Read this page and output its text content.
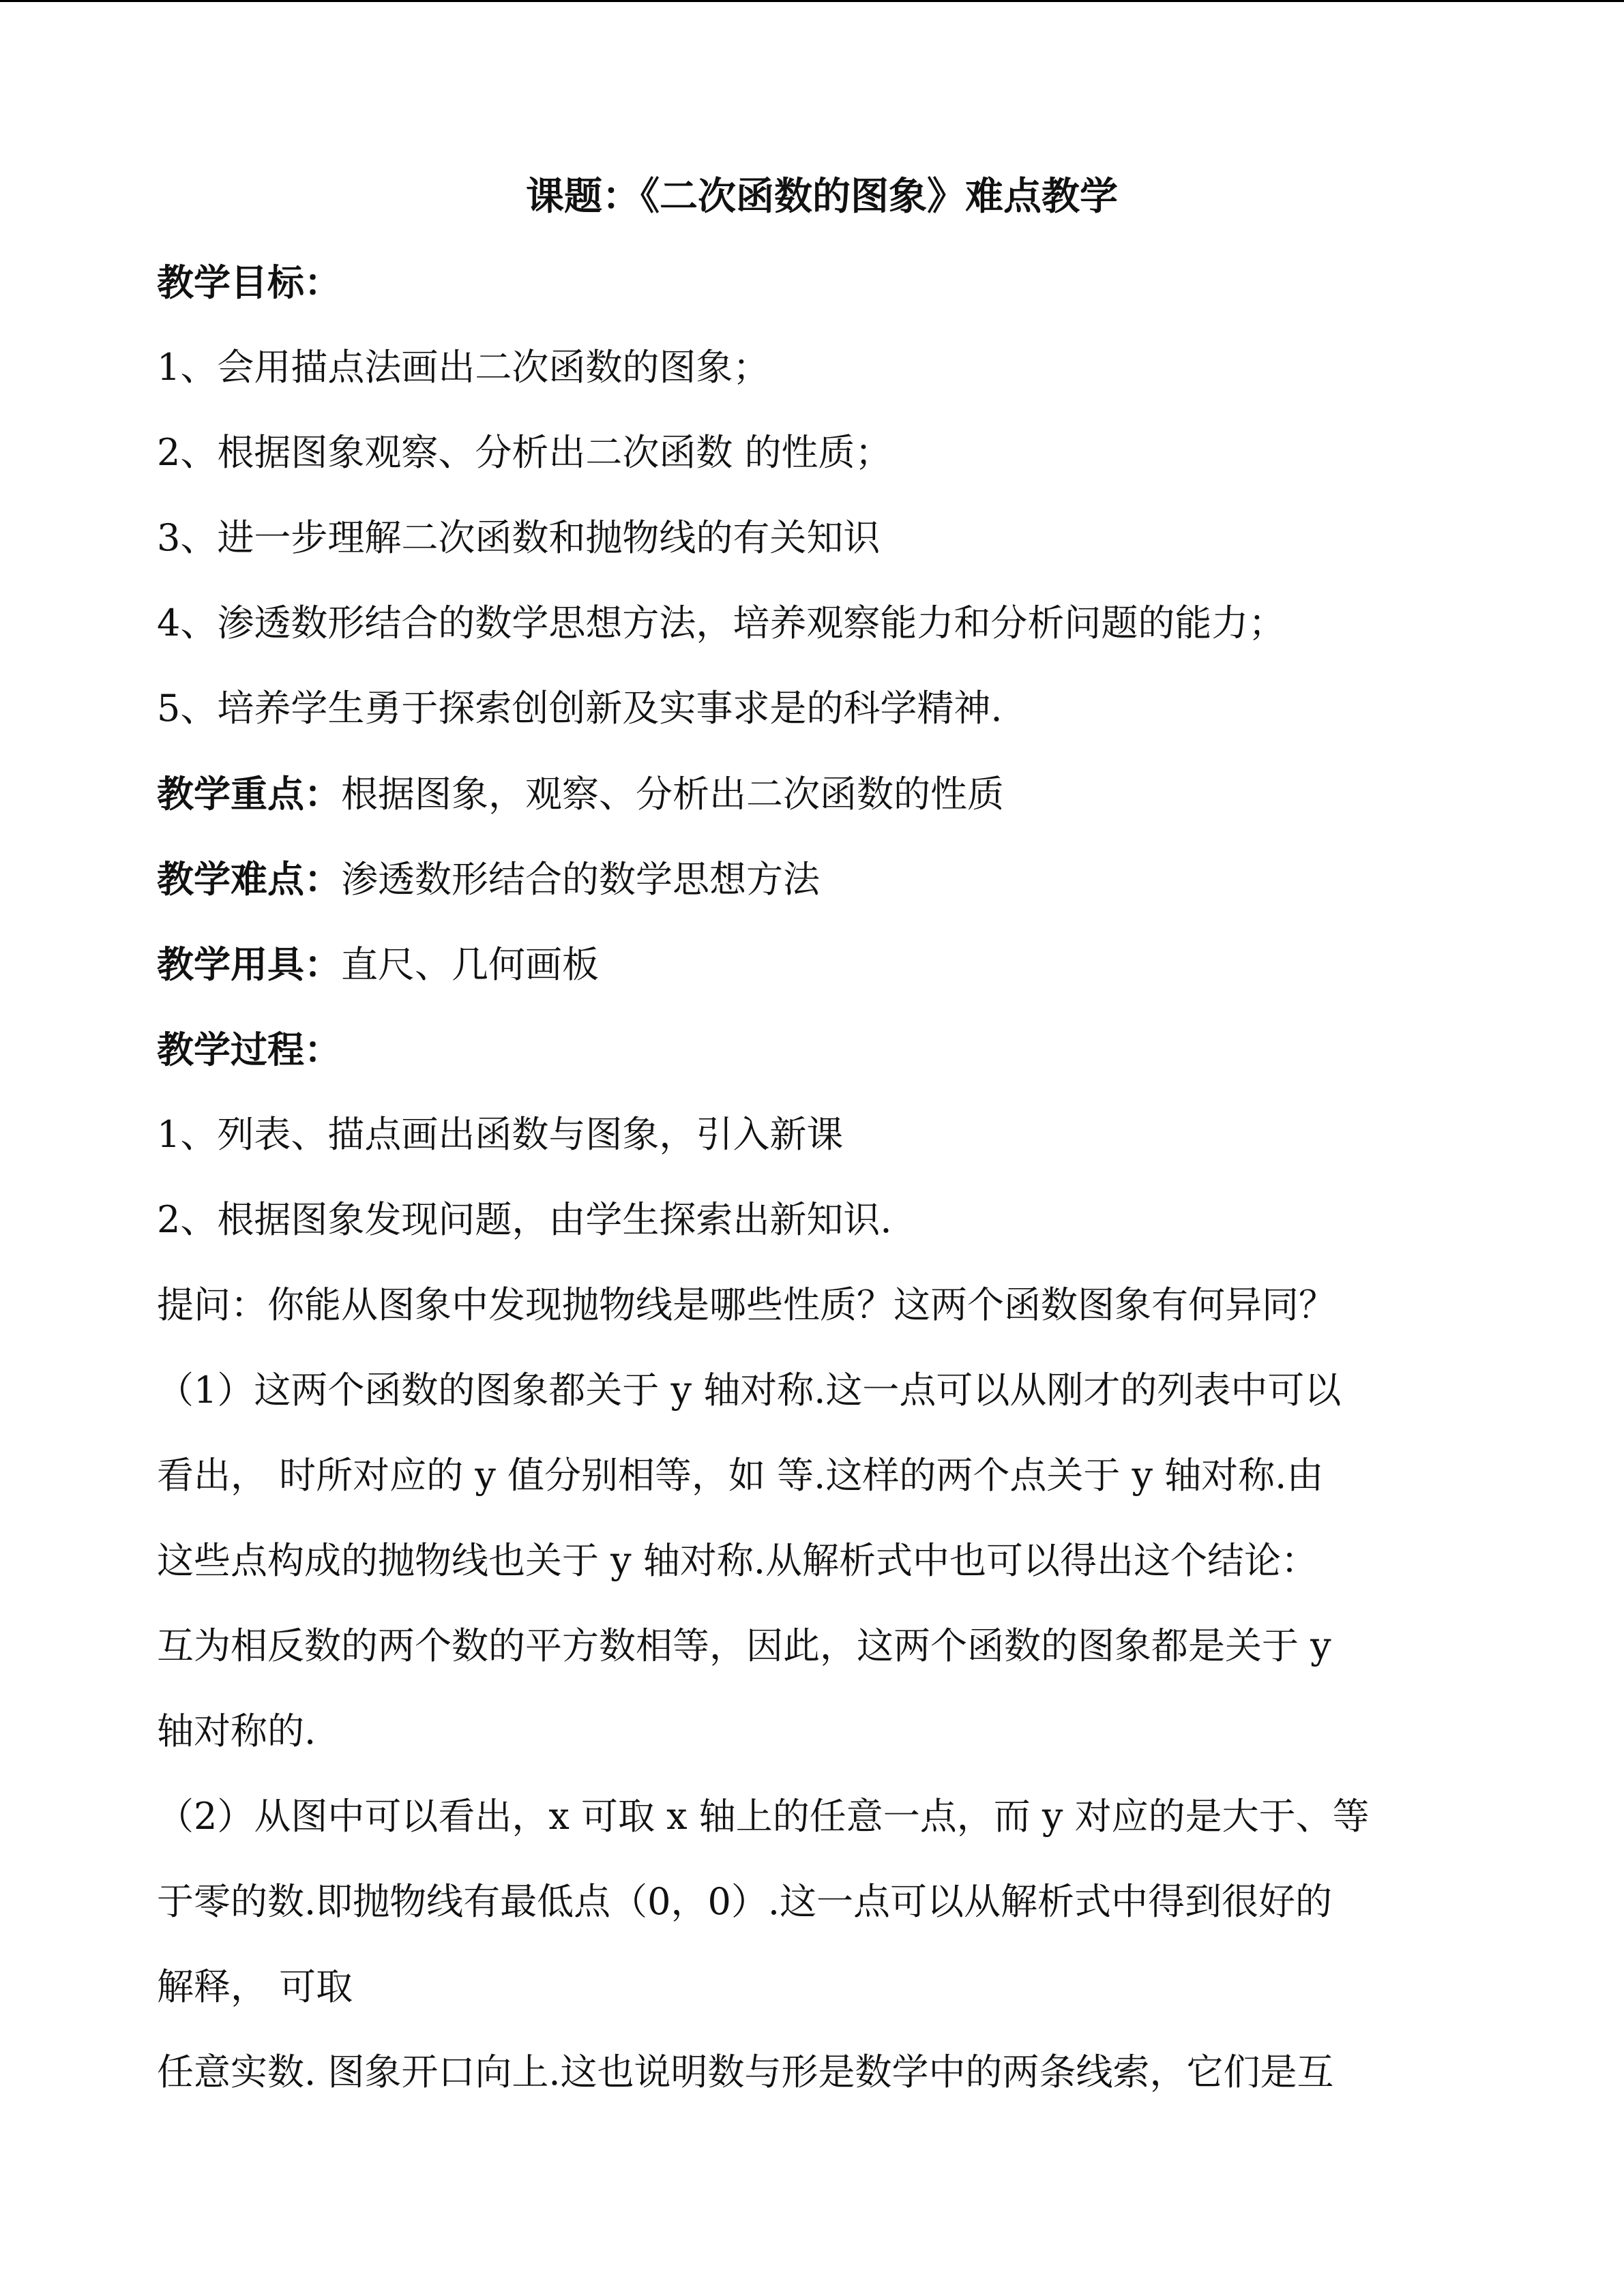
课题：《二次函数的图象》难点教学
教学目标：
1、会用描点法画出二次函数的图象；
2、根据图象观察、分析出二次函数 的性质；
3、进一步理解二次函数和抛物线的有关知识
4、渗透数形结合的数学思想方法，培养观察能力和分析问题的能力；
5、培养学生勇于探索创创新及实事求是的科学精神.
教学重点：根据图象，观察、分析出二次函数的性质
教学难点：渗透数形结合的数学思想方法
教学用具：直尺、几何画板
教学过程：
1、列表、描点画出函数与图象，引入新课
2、根据图象发现问题，由学生探索出新知识.
提问：你能从图象中发现抛物线是哪些性质？这两个函数图象有何异同？
（1）这两个函数的图象都关于 y 轴对称.这一点可以从刚才的列表中可以
看出， 时所对应的 y 值分别相等，如 等.这样的两个点关于 y 轴对称.由
这些点构成的抛物线也关于 y 轴对称.从解析式中也可以得出这个结论：
互为相反数的两个数的平方数相等，因此，这两个函数的图象都是关于 y
轴对称的.
（2）从图中可以看出，x 可取 x 轴上的任意一点，而 y 对应的是大于、等
于零的数.即抛物线有最低点（0，0）.这一点可以从解析式中得到很好的
解释， 可取
任意实数. 图象开口向上.这也说明数与形是数学中的两条线索，它们是互
